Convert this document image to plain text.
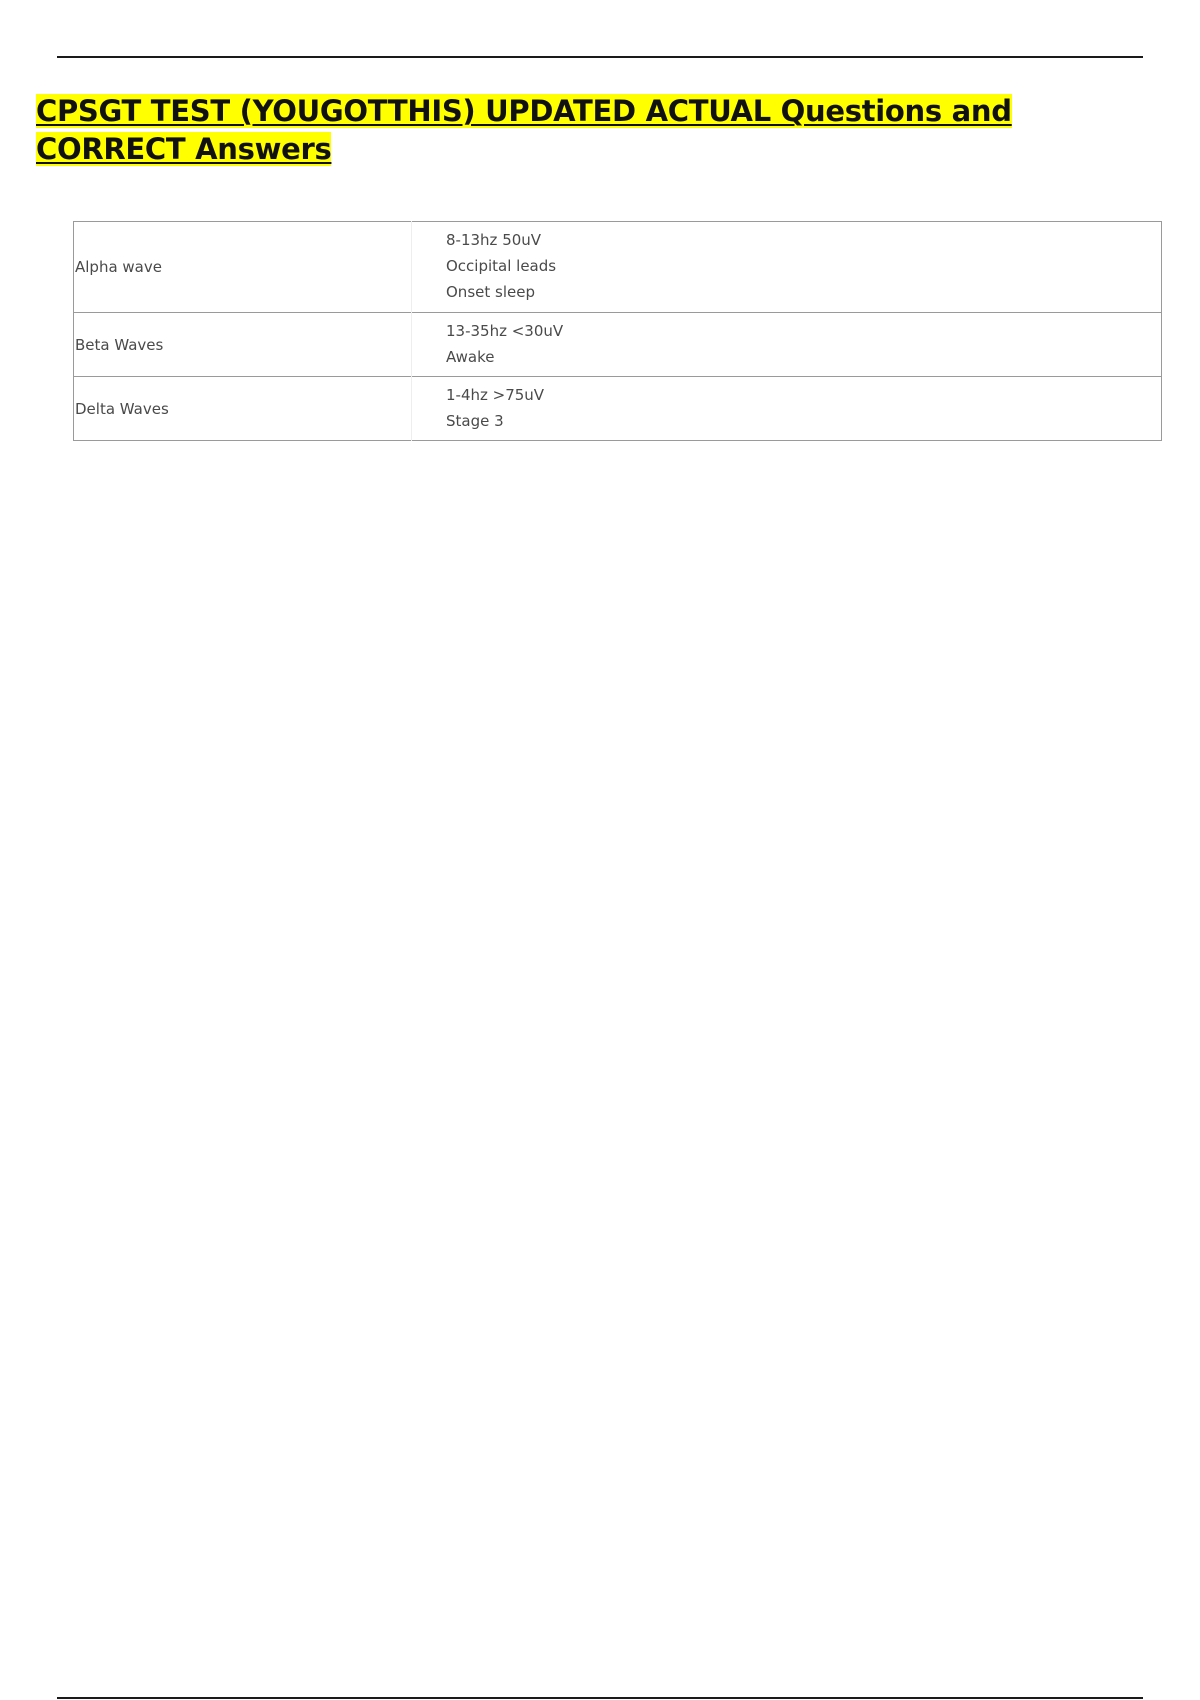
CPSGT TEST (YOUGOTTHIS) UPDATED ACTUAL Questions and CORRECT Answers
Alpha wave	8-13hz 50uV
Occipital leads
Onset sleep

Beta Waves	13-35hz <30uV
Awake

Delta Waves	1-4hz >75uV
Stage 3
